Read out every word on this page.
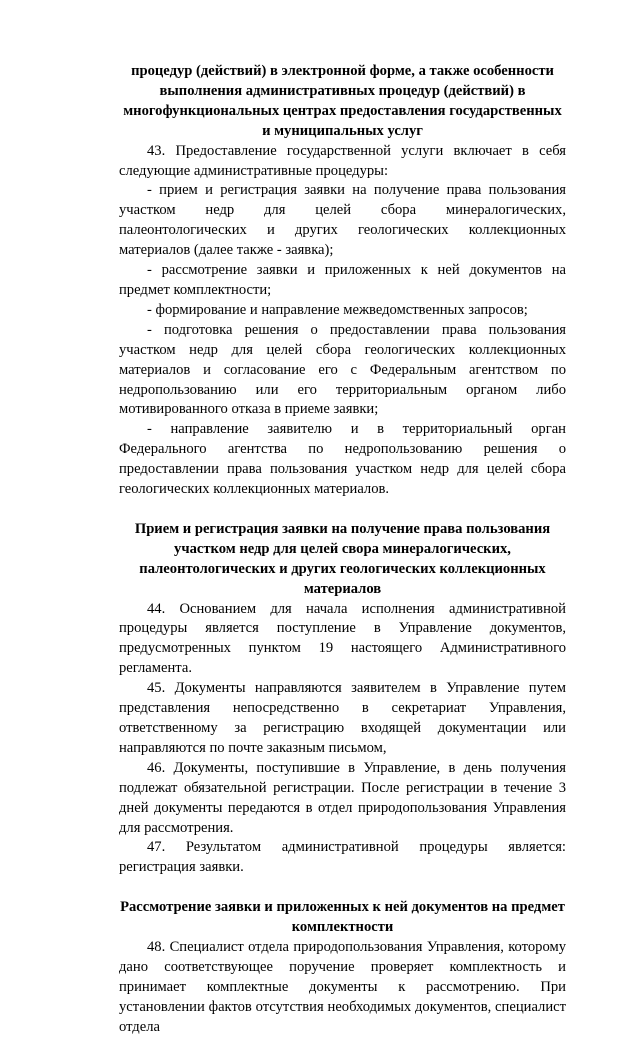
процедур (действий) в электронной форме, а также особенности выполнения административных процедур (действий) в многофункциональных центрах предоставления государственных и муниципальных услуг

43. Предоставление государственной услуги включает в себя следующие административные процедуры:

- прием и регистрация заявки на получение права пользования участком недр для целей сбора минералогических, палеонтологических и других геологических коллекционных материалов (далее также - заявка);

- рассмотрение заявки и приложенных к ней документов на предмет комплектности;

- формирование и направление межведомственных запросов;

- подготовка решения о предоставлении права пользования участком недр для целей сбора геологических коллекционных материалов и согласование его с Федеральным агентством по недропользованию или его территориальным органом либо мотивированного отказа в приеме заявки;

- направление заявителю и в территориальный орган Федерального агентства по недропользованию решения о предоставлении права пользования участком недр для целей сбора геологических коллекционных материалов.

Прием и регистрация заявки на получение права пользования участком недр для целей свора минералогических, палеонтологических и других геологических коллекционных материалов

44. Основанием для начала исполнения административной процедуры является поступление в Управление документов, предусмотренных пунктом 19 настоящего Административного регламента.

45. Документы направляются заявителем в Управление путем представления непосредственно в секретариат Управления, ответственному за регистрацию входящей документации или направляются по почте заказным письмом,

46. Документы, поступившие в Управление, в день получения подлежат обязательной регистрации. После регистрации в течение 3 дней документы передаются в отдел природопользования Управления для рассмотрения.

47. Результатом административной процедуры является: регистрация заявки.

Рассмотрение заявки и приложенных к ней документов на предмет комплектности

48. Специалист отдела природопользования Управления, которому дано соответствующее поручение проверяет комплектность и принимает комплектные документы к рассмотрению. При установлении фактов отсутствия необходимых документов, специалист отдела
